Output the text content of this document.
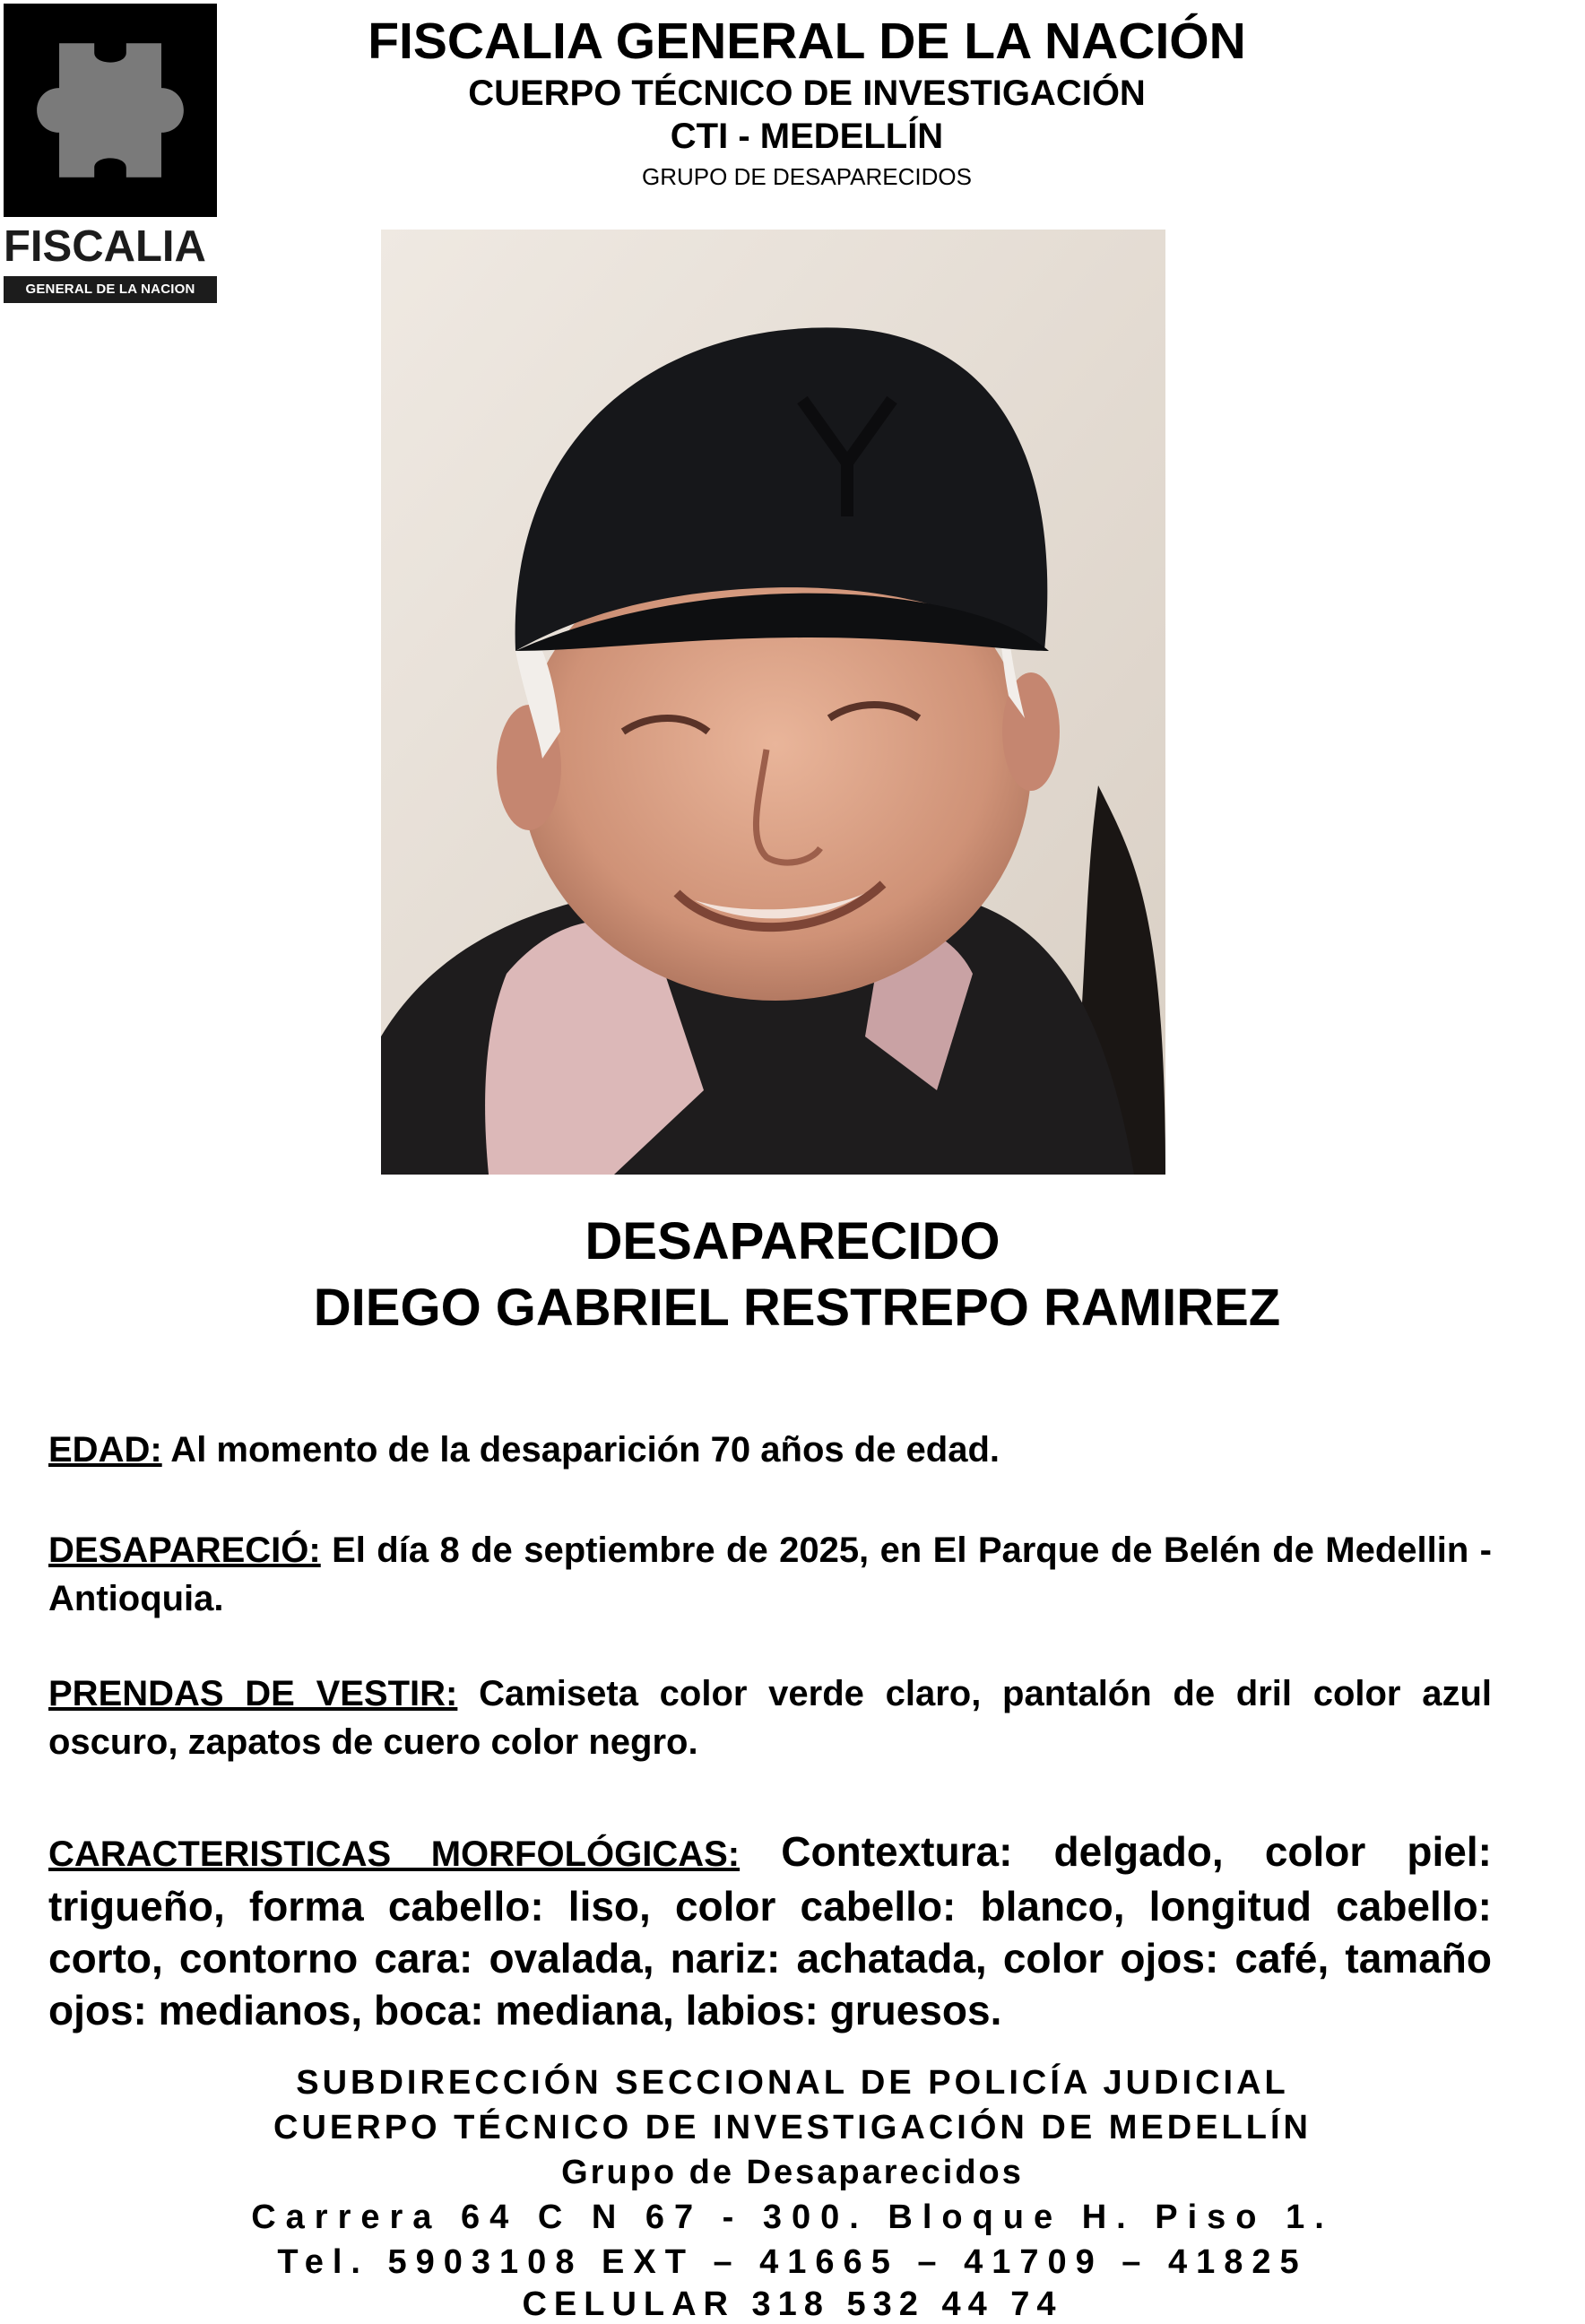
FISCALIA
GENERAL DE LA NACION
FISCALIA GENERAL DE LA NACIÓN
CUERPO TÉCNICO DE INVESTIGACIÓN
CTI - MEDELLÍN
GRUPO DE DESAPARECIDOS
DESAPARECIDO
DIEGO GABRIEL RESTREPO RAMIREZ
EDAD: Al momento de la desaparición 70 años de edad.
DESAPARECIÓ: El día 8 de septiembre de 2025, en El Parque de Belén de Medellin - Antioquia.
PRENDAS DE VESTIR: Camiseta color verde claro, pantalón de dril color azul oscuro, zapatos de cuero color negro.
CARACTERISTICAS MORFOLÓGICAS: Contextura: delgado, color piel: trigueño, forma cabello: liso, color cabello: blanco, longitud cabello: corto, contorno cara: ovalada, nariz: achatada, color ojos: café, tamaño ojos: medianos, boca: mediana, labios: gruesos.
SUBDIRECCIÓN SECCIONAL DE POLICÍA JUDICIAL
CUERPO TÉCNICO DE INVESTIGACIÓN DE MEDELLÍN
Grupo de Desaparecidos
Carrera 64 C N 67 - 300. Bloque H. Piso 1.
Tel. 5903108 EXT – 41665 – 41709 – 41825
CELULAR 318 532 44 74
